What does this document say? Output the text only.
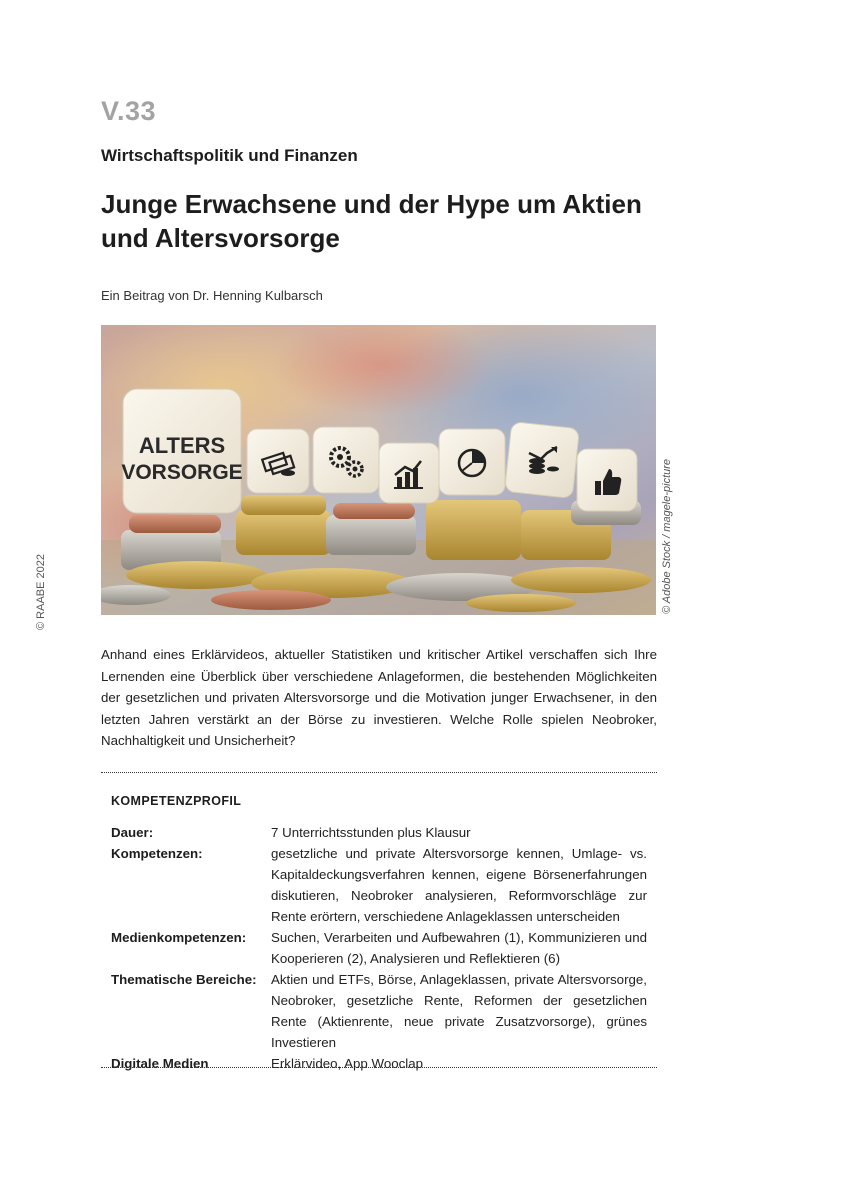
V.33
Wirtschaftspolitik und Finanzen
Junge Erwachsene und der Hype um Aktien
und Altersvorsorge
Ein Beitrag von Dr. Henning Kulbarsch
© RAABE 2022
ALTERS
VORSORGE	© Adobe Stock / magele-picture
Anhand eines Erklärvideos, aktueller Statistiken und kritischer Artikel verschaffen sich Ihre Lernenden eine Überblick über verschiedene Anlageformen, die bestehenden Möglichkeiten der gesetzlichen und privaten Altersvorsorge und die Motivation junger Erwachsener, in den letzten Jahren verstärkt an der Börse zu investieren. Welche Rolle spielen Neobroker, Nachhaltigkeit und Unsicherheit?
KOMPETENZPROFIL
Dauer:	7 Unterrichtsstunden plus Klausur
Kompetenzen:	gesetzliche und private Altersvorsorge kennen, Umlage- vs. Kapitaldeckungsverfahren kennen, eigene Börsenerfahrungen diskutieren, Neobroker analysieren, Reformvorschläge zur Rente erörtern, verschiedene Anlageklassen unterscheiden
Medienkompetenzen:	Suchen, Verarbeiten und Aufbewahren (1), Kommunizieren und Kooperieren (2), Analysieren und Reflektieren (6)
Thematische Bereiche:	Aktien und ETFs, Börse, Anlageklassen, private Altersvorsorge, Neobroker, gesetzliche Rente, Reformen der gesetzlichen Rente (Aktienrente, neue private Zusatzvorsorge), grünes Investieren
Digitale Medien	Erklärvideo, App Wooclap
